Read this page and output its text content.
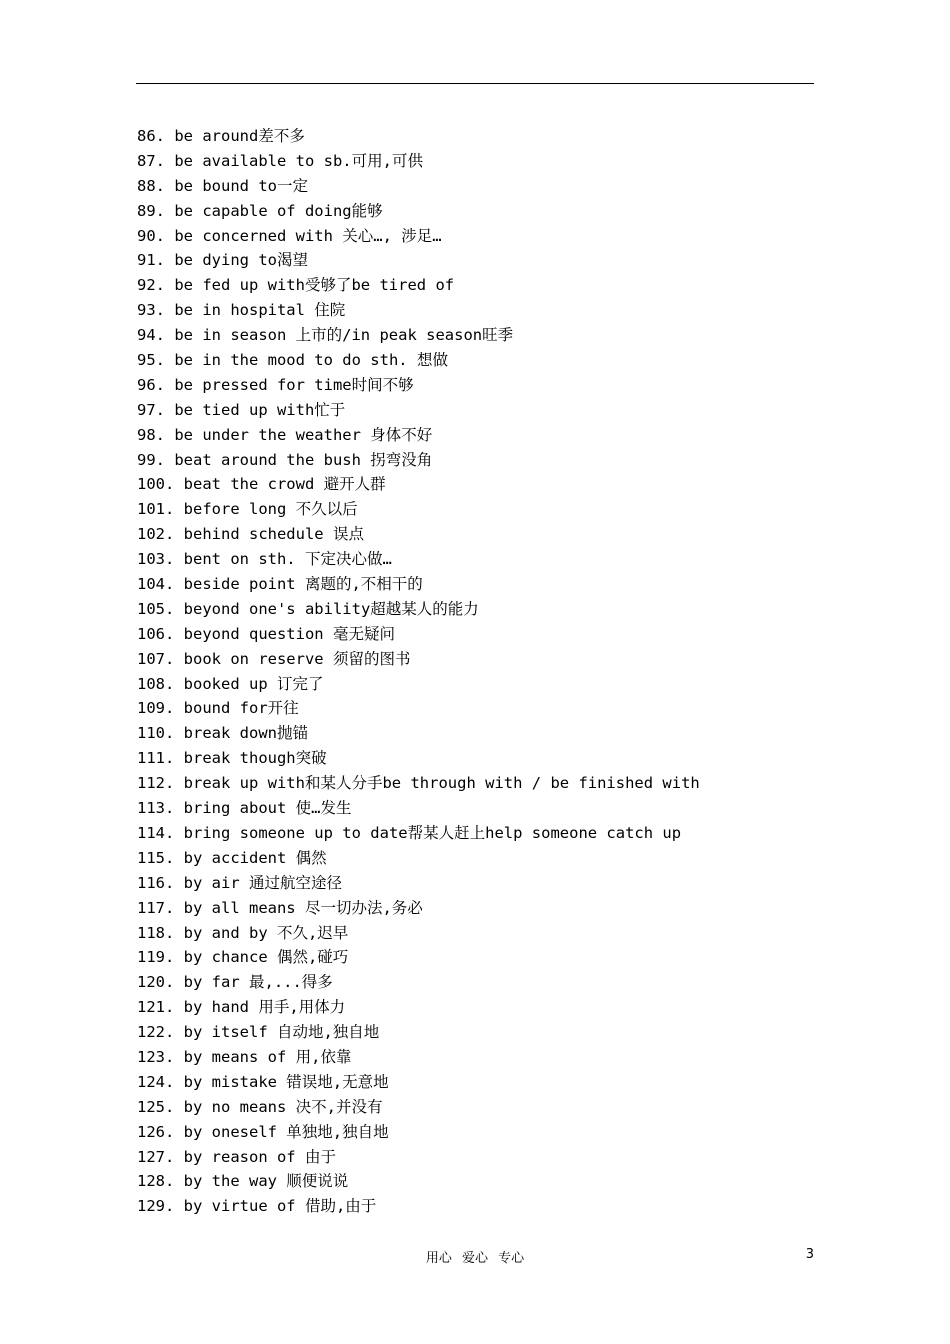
86. be around差不多
87. be available to sb.可用,可供
88. be bound to一定
89. be capable of doing能够
90. be concerned with 关心…, 涉足…
91. be dying to渴望
92. be fed up with受够了be tired of
93. be in hospital 住院
94. be in season 上市的/in peak season旺季
95. be in the mood to do sth. 想做
96. be pressed for time时间不够
97. be tied up with忙于
98. be under the weather 身体不好
99. beat around the bush 拐弯没角
100. beat the crowd 避开人群
101. before long 不久以后
102. behind schedule 误点
103. bent on sth. 下定决心做…
104. beside point 离题的,不相干的
105. beyond one's ability超越某人的能力
106. beyond question 毫无疑问
107. book on reserve 须留的图书
108. booked up 订完了
109. bound for开往
110. break down抛锚
111. break though突破
112. break up with和某人分手be through with / be finished with
113. bring about 使…发生
114. bring someone up to date帮某人赶上help someone catch up
115. by accident 偶然
116. by air 通过航空途径
117. by all means 尽一切办法,务必
118. by and by 不久,迟早
119. by chance 偶然,碰巧
120. by far 最,...得多
121. by hand 用手,用体力
122. by itself 自动地,独自地
123. by means of 用,依靠
124. by mistake 错误地,无意地
125. by no means 决不,并没有
126. by oneself 单独地,独自地
127. by reason of 由于
128. by the way 顺便说说
129. by virtue of 借助,由于
用心 爱心 专心	3
